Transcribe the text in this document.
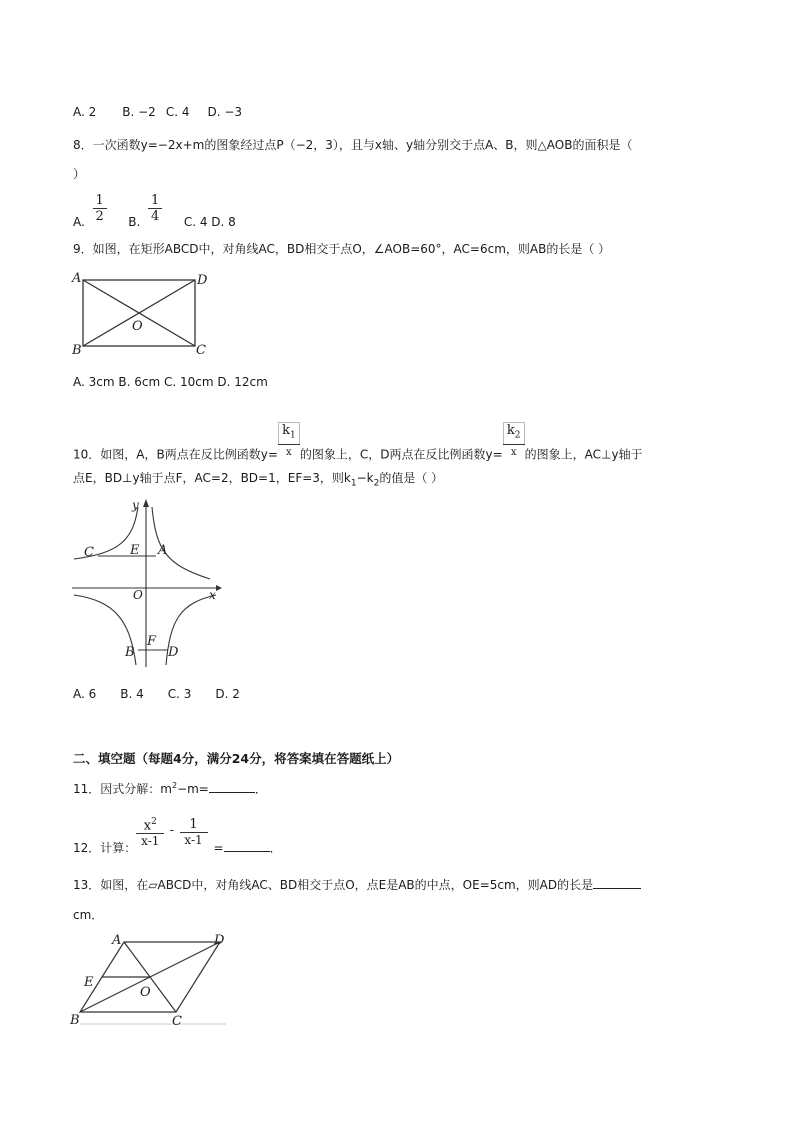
A. 2 B. −2 C. 4 D. −3
8．一次函数y=−2x+m的图象经过点P（−2，3），且与x轴、y轴分别交于点A、B，则△AOB的面积是（
）
A. $\frac{1}{2} B$. $\frac{1}{4} C$. 4 D. 8
9．如图，在矩形ABCD中，对角线AC，BD相交于点O，∠AOB=60°，AC=6cm，则AB的长是（ ）
A	D
O
B	C
A. 3cm B. 6cm C. 10cm D. 12cm
10．如图，A，B两点在反比例函数$y= \frac{k_1}{x}$ 的图象上，C，D两点在反比例函数$y= \frac{k_2}{x}$ 的图象上，AC⊥y轴于
点E，BD⊥y轴于点F，AC=2，BD=1，EF=3，则$k_1-k_2$的值是（ ）
y
x
O
C	E A
F
B	D
A. 6 B. 4 C. 3 D. 2
二、填空题（每题4分，满分24分，将答案填在答题纸上）
11．因式分解：$m^2-m=$	．
12．计算： $\frac{x^2}{x-1} - \frac{1}{x-1}$ =	．
13．如图，在▱ABCD中，对角线AC、BD相交于点O，点E是AB的中点，OE=5cm，则AD的长是
cm．
A	D
E
O
B	C
